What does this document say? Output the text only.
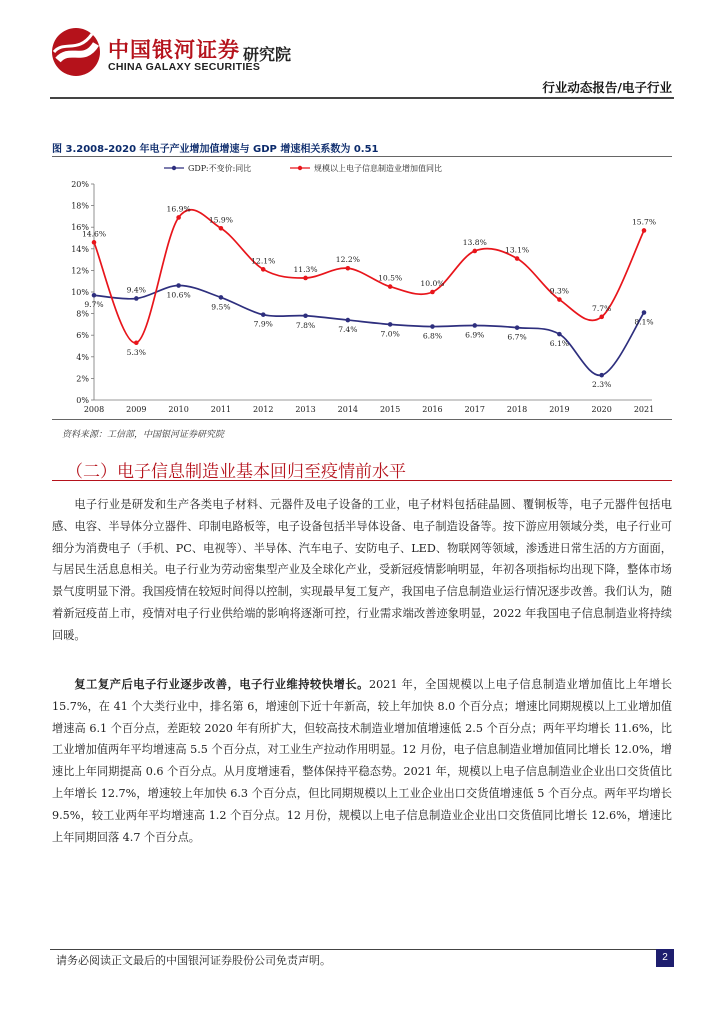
中国银河证券
CHINA GALAXY SECURITIES
研究院
行业动态报告/电子行业
图 3.2008-2020 年电子产业增加值增速与 GDP 增速相关系数为 0.51
0%
2%
4%
6%
8%
10%
12%
14%
16%
18%
20%
2008	2009	2010	2011	2012	2013	2014	2015	2016	2017	2018	2019	2020	2021
GDP:不变价:同比	规模以上电子信息制造业增加值同比
9.7%
9.4%
10.6%
9.5%
7.9%	7.8%	7.4%	7.0%	6.8%	6.9%	6.7%
6.1%
2.3%
8.1%
14.6%
5.3%
16.9%
15.9%
12.1%
11.3%
12.2%
10.5%
10.0%
13.8%
13.1%
9.3%
7.7%
15.7%
资料来源：工信部，中国银河证券研究院
（二）电子信息制造业基本回归至疫情前水平

电子行业是研发和生产各类电子材料、元器件及电子设备的工业，电子材料包括硅晶圆、覆铜板等，电子元器件包括电感、电容、半导体分立器件、印制电路板等，电子设备包括半导体设备、电子制造设备等。按下游应用领域分类，电子行业可细分为消费电子（手机、PC、电视等）、半导体、汽车电子、安防电子、LED、物联网等领域，渗透进日常生活的方方面面，与居民生活息息相关。电子行业为劳动密集型产业及全球化产业，受新冠疫情影响明显，年初各项指标均出现下降，整体市场景气度明显下滑。我国疫情在较短时间得以控制，实现最早复工复产，我国电子信息制造业运行情况逐步改善。我们认为，随着新冠疫苗上市，疫情对电子行业供给端的影响将逐渐可控，行业需求端改善迹象明显，2022 年我国电子信息制造业将持续回暖。

复工复产后电子行业逐步改善，电子行业维持较快增长。2021 年，全国规模以上电子信息制造业增加值比上年增长 15.7%，在 41 个大类行业中，排名第 6，增速创下近十年新高，较上年加快 8.0 个百分点；增速比同期规模以上工业增加值增速高 6.1 个百分点，差距较 2020 年有所扩大，但较高技术制造业增加值增速低 2.5 个百分点；两年平均增长 11.6%，比工业增加值两年平均增速高 5.5 个百分点，对工业生产拉动作用明显。12 月份，电子信息制造业增加值同比增长 12.0%，增速比上年同期提高 0.6 个百分点。从月度增速看，整体保持平稳态势。2021 年，规模以上电子信息制造业企业出口交货值比上年增长 12.7%，增速较上年加快 6.3 个百分点，但比同期规模以上工业企业出口交货值增速低 5 个百分点。两年平均增长 9.5%，较工业两年平均增速高 1.2 个百分点。12 月份，规模以上电子信息制造业企业出口交货值同比增长 12.6%，增速比上年同期回落 4.7 个百分点。

请务必阅读正文最后的中国银河证券股份公司免责声明。	2
